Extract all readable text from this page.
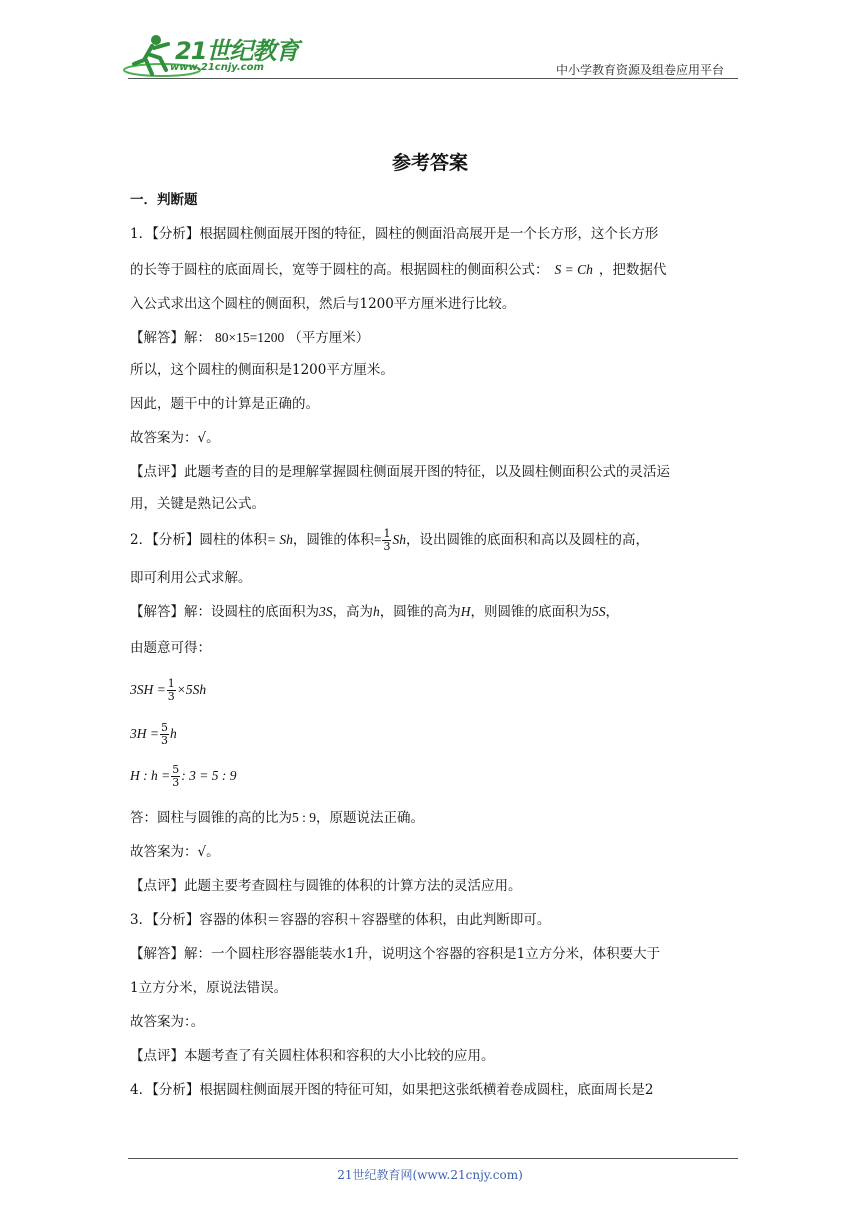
21世纪教育
www.21cnjy.com	中小学教育资源及组卷应用平台
参考答案
一．判断题
1．【分析】根据圆柱侧面展开图的特征，圆柱的侧面沿高展开是一个长方形，这个长方形
的长等于圆柱的底面周长，宽等于圆柱的高。根据圆柱的侧面积公式： S = Ch ，把数据代
入公式求出这个圆柱的侧面积，然后与1200平方厘米进行比较。
【解答】解： 80×15=1200 （平方厘米）
所以，这个圆柱的侧面积是1200平方厘米。
因此，题干中的计算是正确的。
故答案为：√。
【点评】此题考查的目的是理解掌握圆柱侧面展开图的特征，以及圆柱侧面积公式的灵活运
用，关键是熟记公式。
2．【分析】圆柱的体积= Sh，圆锥的体积= $\frac{1}{3}$ Sh，设出圆锥的底面积和高以及圆柱的高，
即可利用公式求解。
【解答】解：设圆柱的底面积为3S，高为h，圆锥的高为H，则圆锥的底面积为5S，
由题意可得：
$3SH = \frac{1}{3} \times 5Sh$
$3H = \frac{5}{3}$ h
H : $h = \frac{5}{3}$ : 3 = 5 : 9
答：圆柱与圆锥的高的比为5 : 9，原题说法正确。
故答案为：√。
【点评】此题主要考查圆柱与圆锥的体积的计算方法的灵活应用。
3．【分析】容器的体积＝容器的容积＋容器壁的体积，由此判断即可。
【解答】解：一个圆柱形容器能装水1升，说明这个容器的容积是1立方分米，体积要大于
1立方分米，原说法错误。
故答案为：。
【点评】本题考查了有关圆柱体积和容积的大小比较的应用。
4．【分析】根据圆柱侧面展开图的特征可知，如果把这张纸横着卷成圆柱，底面周长是2
21世纪教育网(www.21cnjy.com)
